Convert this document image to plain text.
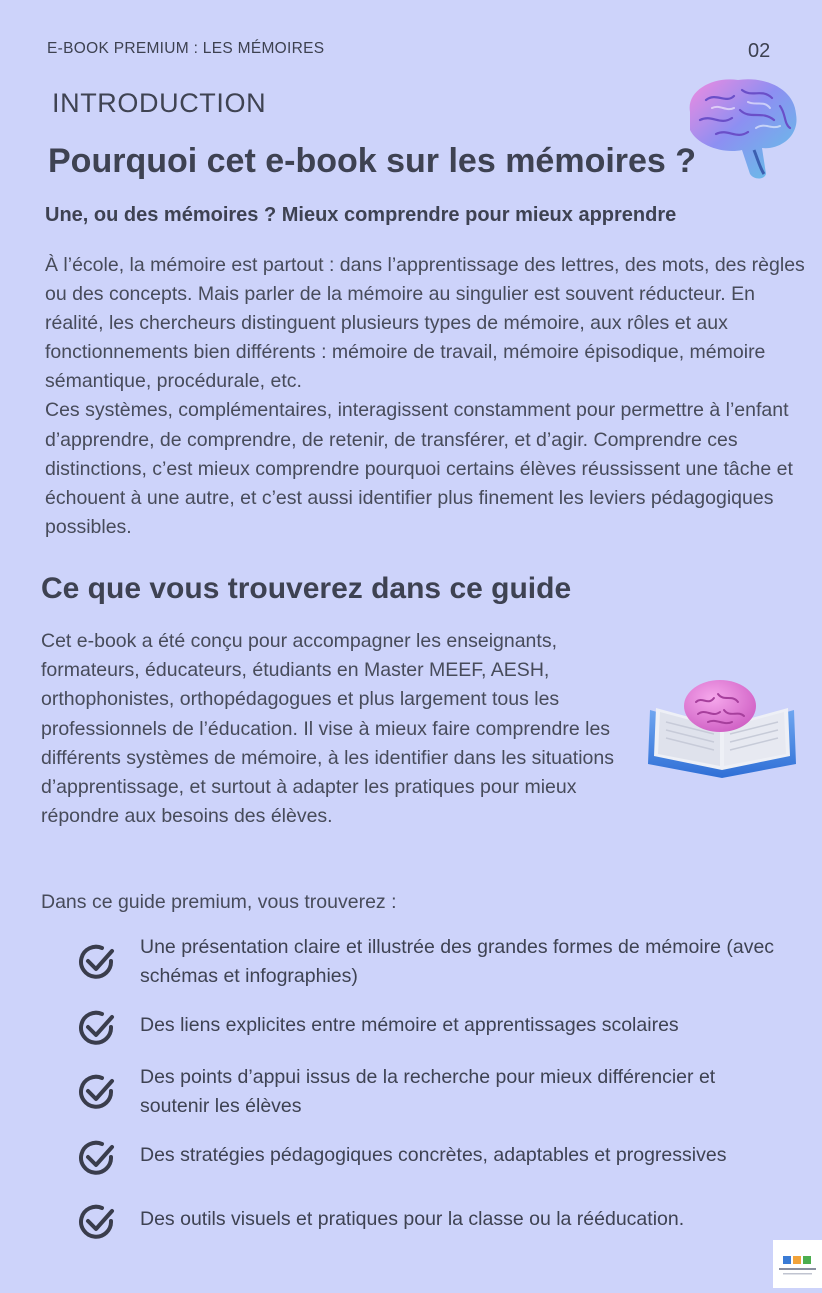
E-BOOK PREMIUM : LES MÉMOIRES	02
INTRODUCTION
Pourquoi cet e-book sur les mémoires ?
Une, ou des mémoires ? Mieux comprendre pour mieux apprendre

À l’école, la mémoire est partout : dans l’apprentissage des lettres, des mots, des règles ou des concepts. Mais parler de la mémoire au singulier est souvent réducteur. En réalité, les chercheurs distinguent plusieurs types de mémoire, aux rôles et aux fonctionnements bien différents : mémoire de travail, mémoire épisodique, mémoire sémantique, procédurale, etc.

Ces systèmes, complémentaires, interagissent constamment pour permettre à l’enfant d’apprendre, de comprendre, de retenir, de transférer, et d’agir. Comprendre ces distinctions, c’est mieux comprendre pourquoi certains élèves réussissent une tâche et échouent à une autre, et c’est aussi identifier plus finement les leviers pédagogiques possibles.

Ce que vous trouverez dans ce guide
Cet e-book a été conçu pour accompagner les enseignants, formateurs, éducateurs, étudiants en Master MEEF, AESH, orthophonistes, orthopédagogues et plus largement tous les professionnels de l’éducation. Il vise à mieux faire comprendre les différents systèmes de mémoire, à les identifier dans les situations d’apprentissage, et surtout à adapter les pratiques pour mieux répondre aux besoins des élèves.
Dans ce guide premium, vous trouverez :
Une présentation claire et illustrée des grandes formes de mémoire (avec schémas et infographies)
Des liens explicites entre mémoire et apprentissages scolaires
Des points d’appui issus de la recherche pour mieux différencier et soutenir les élèves
Des stratégies pédagogiques concrètes, adaptables et progressives
Des outils visuels et pratiques pour la classe ou la rééducation.
